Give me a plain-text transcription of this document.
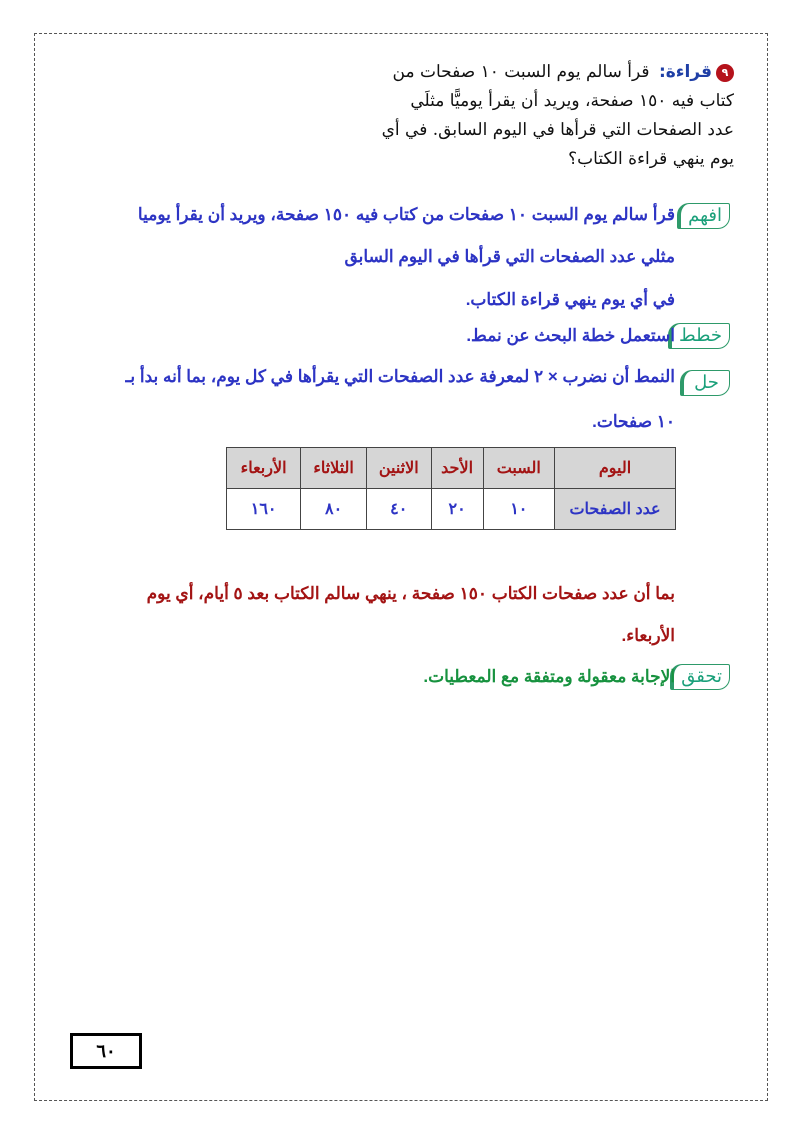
٩قراءة: قرأ سالم يوم السبت ١٠ صفحات من
كتاب فيه ١٥٠ صفحة، ويريد أن يقرأ يوميًّا مثلَي
عدد الصفحات التي قرأها في اليوم السابق. في أي
يوم ينهي قراءة الكتاب؟
افهم
قرأ سالم يوم السبت ١٠ صفحات من كتاب فيه ١٥٠ صفحة، ويريد أن يقرأ يوميا
مثلي عدد الصفحات التي قرأها في اليوم السابق
في أي يوم ينهي قراءة الكتاب.
خطط
استعمل خطة البحث عن نمط.
حل
النمط أن نضرب × ٢ لمعرفة عدد الصفحات التي يقرأها في كل يوم، بما أنه بدأ بـ
١٠ صفحات.
اليوم	السبت	الأحد	الاثنين	الثلاثاء	الأربعاء
عدد الصفحات	١٠	٢٠	٤٠	٨٠	١٦٠
بما أن عدد صفحات الكتاب ١٥٠ صفحة ، ينهي سالم الكتاب بعد ٥ أيام، أي يوم
الأربعاء.
تحقق
الإجابة معقولة ومتفقة مع المعطيات.
٦٠
